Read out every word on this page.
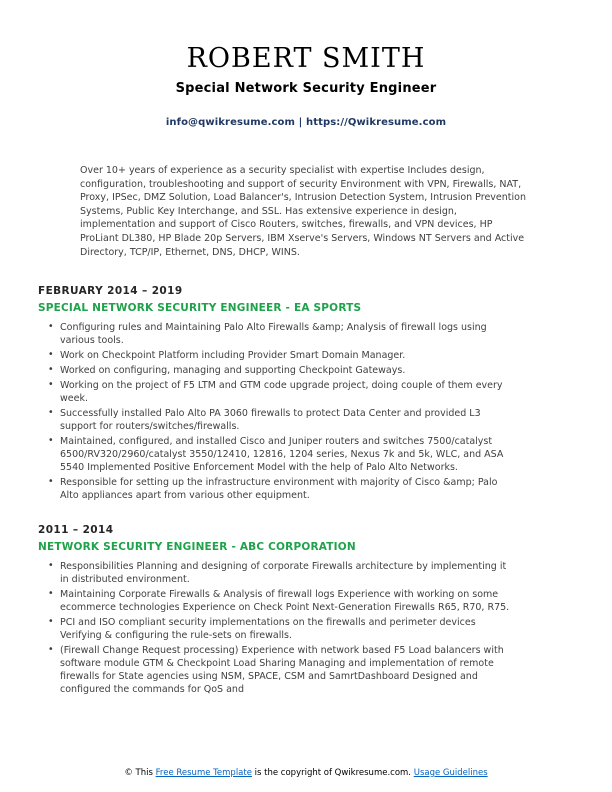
ROBERT SMITH
Special Network Security Engineer
info@qwikresume.com | https://Qwikresume.com
Over 10+ years of experience as a security specialist with expertise Includes design, configuration, troubleshooting and support of security Environment with VPN, Firewalls, NAT, Proxy, IPSec, DMZ Solution, Load Balancer's, Intrusion Detection System, Intrusion Prevention Systems, Public Key Interchange, and SSL. Has extensive experience in design, implementation and support of Cisco Routers, switches, firewalls, and VPN devices, HP ProLiant DL380, HP Blade 20p Servers, IBM Xserve's Servers, Windows NT Servers and Active Directory, TCP/IP, Ethernet, DNS, DHCP, WINS.
FEBRUARY 2014 – 2019
SPECIAL NETWORK SECURITY ENGINEER - EA SPORTS
• Configuring rules and Maintaining Palo Alto Firewalls &amp; Analysis of firewall logs using various tools.
• Work on Checkpoint Platform including Provider Smart Domain Manager.
• Worked on configuring, managing and supporting Checkpoint Gateways.
• Working on the project of F5 LTM and GTM code upgrade project, doing couple of them every week.
• Successfully installed Palo Alto PA 3060 firewalls to protect Data Center and provided L3 support for routers/switches/firewalls.
• Maintained, configured, and installed Cisco and Juniper routers and switches 7500/catalyst 6500/RV320/2960/catalyst 3550/12410, 12816, 1204 series, Nexus 7k and 5k, WLC, and ASA 5540 Implemented Positive Enforcement Model with the help of Palo Alto Networks.
• Responsible for setting up the infrastructure environment with majority of Cisco &amp; Palo Alto appliances apart from various other equipment.
2011 – 2014
NETWORK SECURITY ENGINEER - ABC CORPORATION
• Responsibilities Planning and designing of corporate Firewalls architecture by implementing it in distributed environment.
• Maintaining Corporate Firewalls & Analysis of firewall logs Experience with working on some ecommerce technologies Experience on Check Point Next-Generation Firewalls R65, R70, R75.
• PCI and ISO compliant security implementations on the firewalls and perimeter devices Verifying & configuring the rule-sets on firewalls.
• (Firewall Change Request processing) Experience with network based F5 Load balancers with software module GTM & Checkpoint Load Sharing Managing and implementation of remote firewalls for State agencies using NSM, SPACE, CSM and SamrtDashboard Designed and configured the commands for QoS and
© This Free Resume Template is the copyright of Qwikresume.com. Usage Guidelines
